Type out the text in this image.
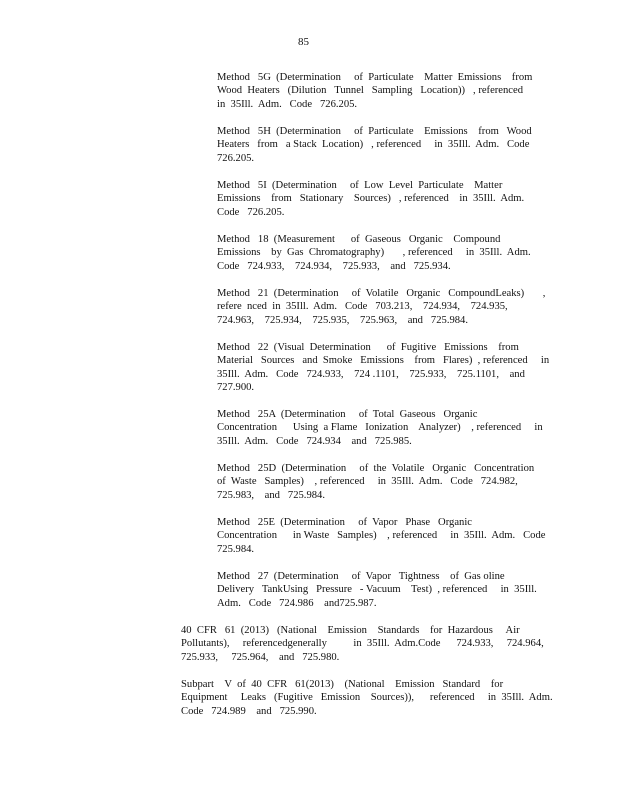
85
Method   5G  (Determination     of  Particulate    Matter  Emissions    from
Wood  Heaters   (Dilution   Tunnel   Sampling   Location))   , referenced
in  35Ill.  Adm.   Code   726.205.
Method   5H  (Determination     of  Particulate    Emissions    from   Wood
Heaters   from   a Stack  Location)   , referenced     in  35Ill.  Adm.   Code
726.205.
Method   5I  (Determination     of  Low  Level  Particulate    Matter
Emissions    from   Stationary    Sources)   , referenced    in  35Ill.  Adm.
Code   726.205.
Method   18  (Measurement      of  Gaseous   Organic    Compound
Emissions    by  Gas  Chromatography)       , referenced     in  35Ill.  Adm.
Code   724.933,    724.934,    725.933,    and   725.934.
Method   21  (Determination     of  Volatile   Organic   CompoundLeaks)       ,
refere  nced  in  35Ill.  Adm.   Code   703.213,    724.934,    724.935,
724.963,    725.934,    725.935,    725.963,    and   725.984.
Method   22  (Visual  Determination      of  Fugitive   Emissions    from
Material   Sources   and  Smoke   Emissions    from   Flares)  , referenced     in
35Ill.  Adm.   Code   724.933,    724 .1101,    725.933,    725.1101,    and
727.900.
Method   25A  (Determination     of  Total  Gaseous   Organic
Concentration      Using  a Flame   Ionization    Analyzer)    , referenced     in
35Ill.  Adm.   Code   724.934    and   725.985.
Method   25D  (Determination     of  the  Volatile   Organic   Concentration
of  Waste   Samples)    , referenced     in  35Ill.  Adm.   Code   724.982,
725.983,    and   725.984.
Method   25E  (Determination     of  Vapor   Phase   Organic
Concentration      in Waste   Samples)    , referenced     in  35Ill.  Adm.   Code
725.984.
Method   27  (Determination     of  Vapor   Tightness    of  Gas oline
Delivery   TankUsing   Pressure   - Vacuum    Test)  , referenced     in  35Ill.
Adm.   Code   724.986    and725.987.
40  CFR   61  (2013)   (National    Emission    Standards    for  Hazardous     Air
Pollutants),     referencedgenerally          in  35Ill.  Adm.Code      724.933,     724.964,
725.933,     725.964,    and   725.980.
Subpart    V  of  40  CFR   61(2013)    (National    Emission   Standard    for
Equipment     Leaks   (Fugitive   Emission    Sources)),      referenced     in  35Ill.  Adm.
Code   724.989    and   725.990.
